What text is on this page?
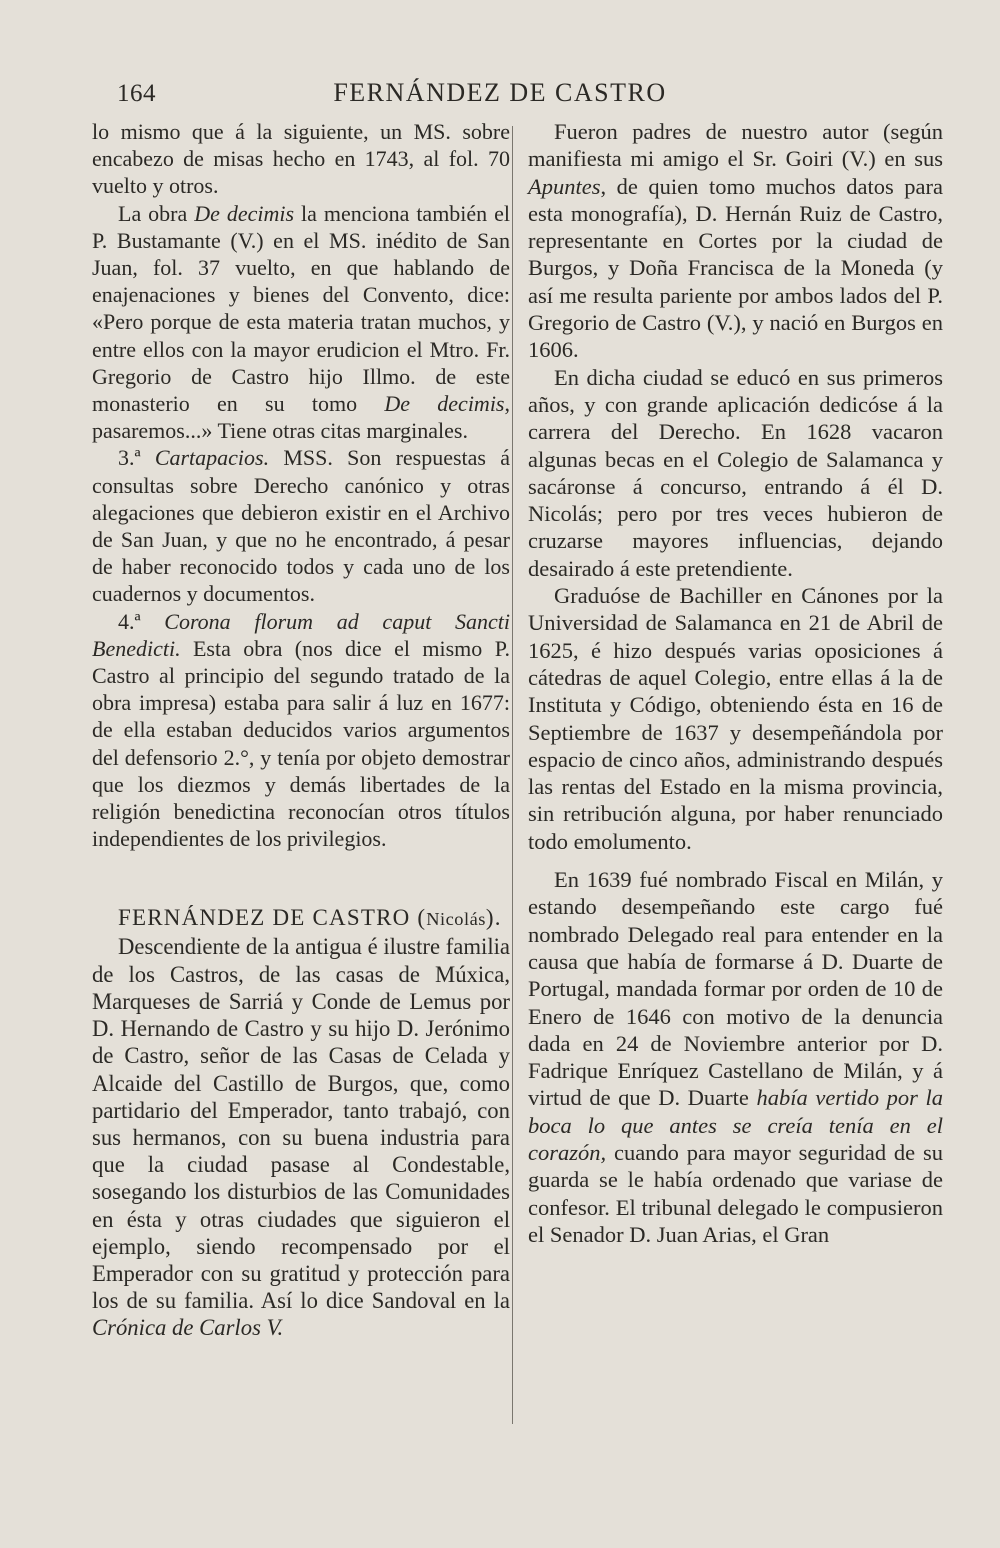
164	FERNÁNDEZ DE CASTRO

lo mismo que á la siguiente, un MS. sobre encabezo de misas hecho en 1743, al fol. 70 vuelto y otros.

La obra De decimis la menciona también el P. Bustamante (V.) en el MS. inédito de San Juan, fol. 37 vuelto, en que hablando de enajenaciones y bienes del Convento, dice: «Pero porque de esta materia tratan muchos, y entre ellos con la mayor erudicion el Mtro. Fr. Gregorio de Castro hijo Illmo. de este monasterio en su tomo De decimis, pasaremos...» Tiene otras citas marginales.

3.ª Cartapacios. MSS. Son respuestas á consultas sobre Derecho canónico y otras alegaciones que debieron existir en el Archivo de San Juan, y que no he encontrado, á pesar de haber reconocido todos y cada uno de los cuadernos y documentos.

4.ª Corona florum ad caput Sancti Benedicti. Esta obra (nos dice el mismo P. Castro al principio del segundo tratado de la obra impresa) estaba para salir á luz en 1677: de ella estaban deducidos varios argumentos del defensorio 2.°, y tenía por objeto demostrar que los diezmos y demás libertades de la religión benedictina reconocían otros títulos independientes de los privilegios.

FERNÁNDEZ DE CASTRO (Nicolás).

Descendiente de la antigua é ilustre familia de los Castros, de las casas de Múxica, Marqueses de Sarriá y Conde de Lemus por D. Hernando de Castro y su hijo D. Jerónimo de Castro, señor de las Casas de Celada y Alcaide del Castillo de Burgos, que, como partidario del Emperador, tanto trabajó, con sus hermanos, con su buena industria para que la ciudad pasase al Condestable, sosegando los disturbios de las Comunidades en ésta y otras ciudades que siguieron el ejemplo, siendo recompensado por el Emperador con su gratitud y protección para los de su familia. Así lo dice Sandoval en la Crónica de Carlos V.

Fueron padres de nuestro autor (según manifiesta mi amigo el Sr. Goiri (V.) en sus Apuntes, de quien tomo muchos datos para esta monografía), D. Hernán Ruiz de Castro, representante en Cortes por la ciudad de Burgos, y Doña Francisca de la Moneda (y así me resulta pariente por ambos lados del P. Gregorio de Castro (V.), y nació en Burgos en 1606.

En dicha ciudad se educó en sus primeros años, y con grande aplicación dedicóse á la carrera del Derecho. En 1628 vacaron algunas becas en el Colegio de Salamanca y sacáronse á concurso, entrando á él D. Nicolás; pero por tres veces hubieron de cruzarse mayores influencias, dejando desairado á este pretendiente.

Graduóse de Bachiller en Cánones por la Universidad de Salamanca en 21 de Abril de 1625, é hizo después varias oposiciones á cátedras de aquel Colegio, entre ellas á la de Instituta y Código, obteniendo ésta en 16 de Septiembre de 1637 y desempeñándola por espacio de cinco años, administrando después las rentas del Estado en la misma provincia, sin retribución alguna, por haber renunciado todo emolumento.

En 1639 fué nombrado Fiscal en Milán, y estando desempeñando este cargo fué nombrado Delegado real para entender en la causa que había de formarse á D. Duarte de Portugal, mandada formar por orden de 10 de Enero de 1646 con motivo de la denuncia dada en 24 de Noviembre anterior por D. Fadrique Enríquez Castellano de Milán, y á virtud de que D. Duarte había vertido por la boca lo que antes se creía tenía en el corazón, cuando para mayor seguridad de su guarda se le había ordenado que variase de confesor. El tribunal delegado le compusieron el Senador D. Juan Arias, el Gran
